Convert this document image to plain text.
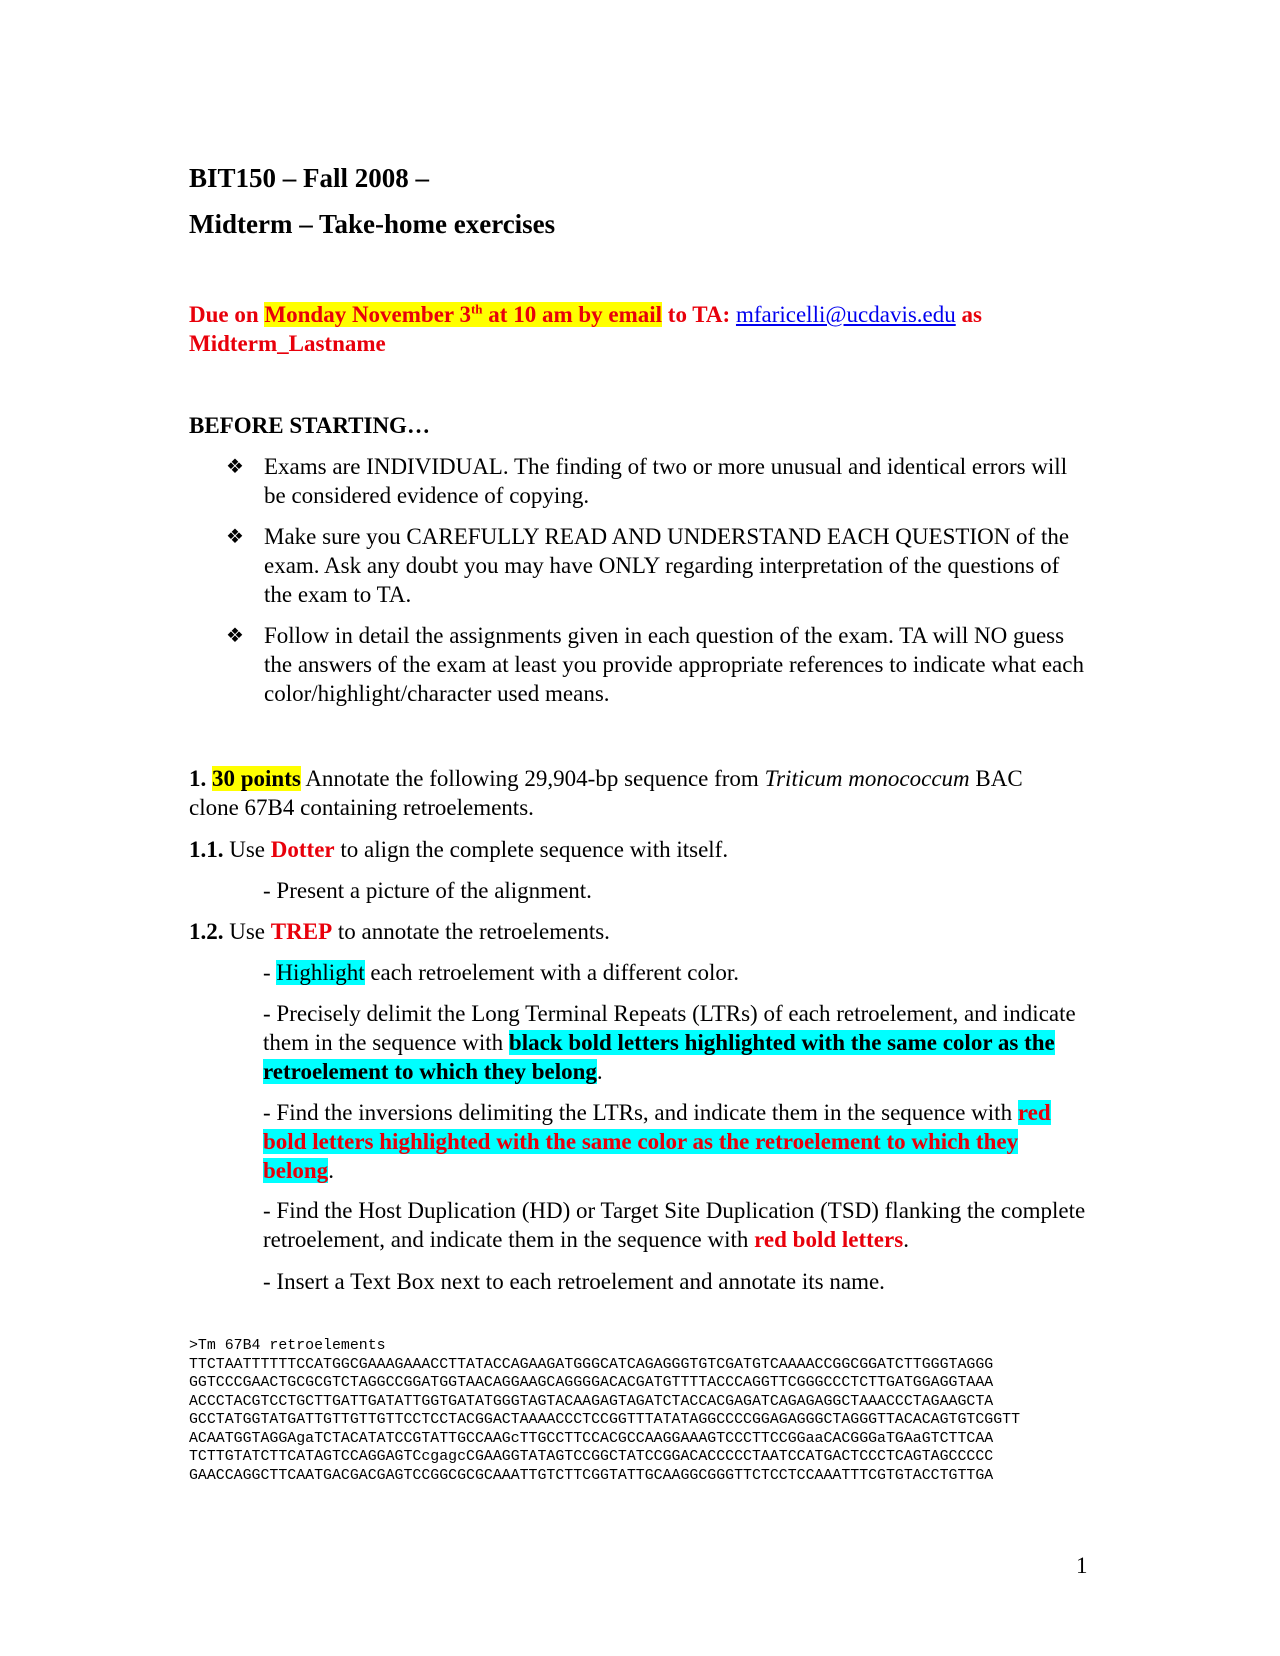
BIT150 – Fall 2008 –
Midterm – Take-home exercises
Due on Monday November 3th at 10 am by email to TA: mfaricelli@ucdavis.edu as
Midterm_Lastname
BEFORE STARTING…
❖ Exams are INDIVIDUAL. The finding of two or more unusual and identical errors will be considered evidence of copying.
❖ Make sure you CAREFULLY READ AND UNDERSTAND EACH QUESTION of the exam. Ask any doubt you may have ONLY regarding interpretation of the questions of the exam to TA.
❖ Follow in detail the assignments given in each question of the exam. TA will NO guess the answers of the exam at least you provide appropriate references to indicate what each color/highlight/character used means.
1. 30 points Annotate the following 29,904-bp sequence from Triticum monococcum BAC clone 67B4 containing retroelements.
1.1. Use Dotter to align the complete sequence with itself.
- Present a picture of the alignment.
1.2. Use TREP to annotate the retroelements.
- Highlight each retroelement with a different color.
- Precisely delimit the Long Terminal Repeats (LTRs) of each retroelement, and indicate them in the sequence with black bold letters highlighted with the same color as the retroelement to which they belong.
- Find the inversions delimiting the LTRs, and indicate them in the sequence with red bold letters highlighted with the same color as the retroelement to which they belong.
- Find the Host Duplication (HD) or Target Site Duplication (TSD) flanking the complete retroelement, and indicate them in the sequence with red bold letters.
- Insert a Text Box next to each retroelement and annotate its name.
>Tm 67B4 retroelements
TTCTAATTTTTTCCATGGCGAAAGAAACCTTATACCAGAAGATGGGCATCAGAGGGTGTCGATGTCAAAACCGGCGGATCTTGGGTAGGG
GGTCCCGAACTGCGCGTCTAGGCCGGATGGTAACAGGAAGCAGGGGACACGATGTTTTACCCAGGTTCGGGCCCTCTTGATGGAGGTAAA
ACCCTACGTCCTGCTTGATTGATATTGGTGATATGGGTAGTACAAGAGTAGATCTACCACGAGATCAGAGAGGCTAAACCCTAGAAGCTA
GCCTATGGTATGATTGTTGTTGTTCCTCCTACGGACTAAAACCCTCCGGTTTATATAGGCCCCGGAGAGGGCTAGGGTTACACAGTGTCGGTT
ACAATGGTAGGAgaTCTACATATCCGTATTGCCAAGcTTGCCTTCCACGCCAAGGAAAGTCCCTTCCGGaaCACGGGaTGAaGTCTTCAA
TCTTGTATCTTCATAGTCCAGGAGTCcgagcCGAAGGTATAGTCCGGCTATCCGGACACCCCCTAATCCATGACTCCCTCAGTAGCCCCC
GAACCAGGCTTCAATGACGACGAGTCCGGCGCGCAAATTGTCTTCGGTATTGCAAGGCGGGTTCTCCTCCAAATTTCGTGTACCTGTTGA
1
